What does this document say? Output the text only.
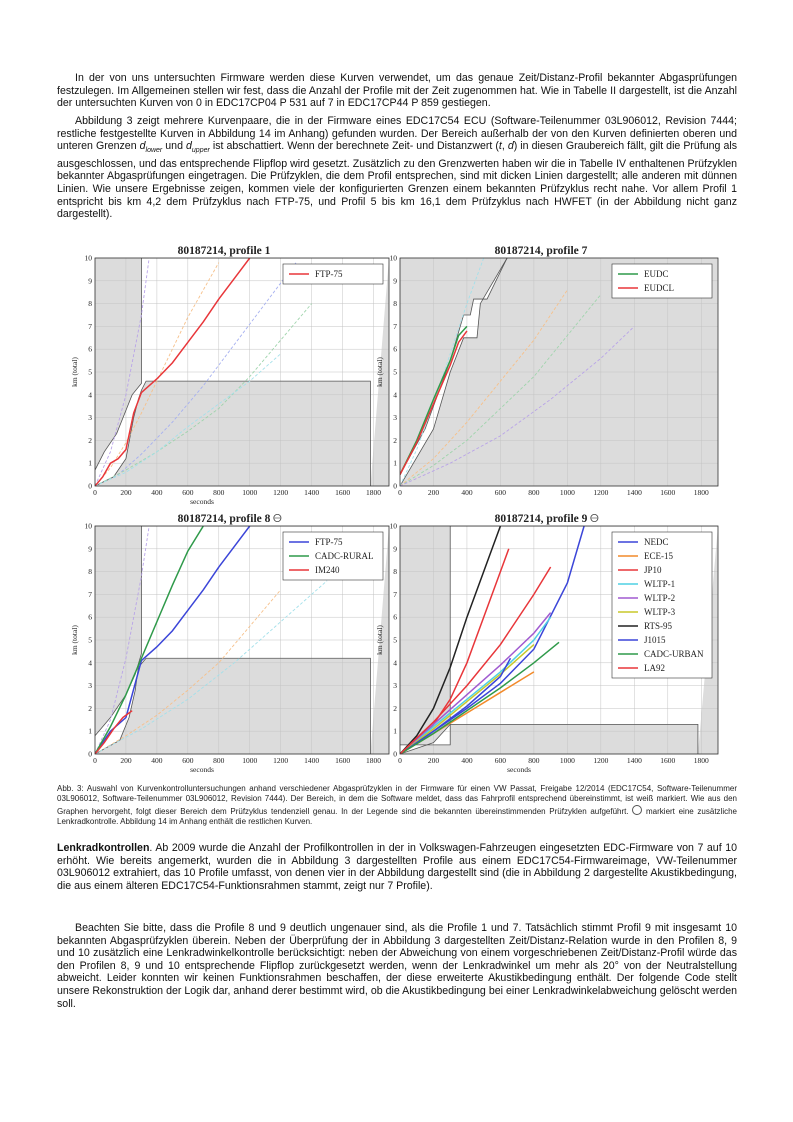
In der von uns untersuchten Firmware werden diese Kurven verwendet, um das genaue Zeit/Distanz-Profil bekannter Abgasprüfungen festzulegen. Im Allgemeinen stellen wir fest, dass die Anzahl der Profile mit der Zeit zugenommen hat. Wie in Tabelle II dargestellt, ist die Anzahl der untersuchten Kurven von 0 in EDC17CP04 P 531 auf 7 in EDC17CP44 P 859 gestiegen.

Abbildung 3 zeigt mehrere Kurvenpaare, die in der Firmware eines EDC17C54 ECU (Software-Teilenummer 03L906012, Revision 7444; restliche festgestellte Kurven in Abbildung 14 im Anhang) gefunden wurden. Der Bereich außerhalb der von den Kurven definierten oberen und unteren Grenzen $d_{lower}$ und $d_{upper}$ ist abschattiert. Wenn der berechnete Zeit- und Distanzwert (t, d) in diesen Graubereich fällt, gilt die Prüfung als ausgeschlossen, und das entsprechende Flipflop wird gesetzt. Zusätzlich zu den Grenzwerten haben wir die in Tabelle IV enthaltenen Prüfzyklen bekannter Abgasprüfungen eingetragen. Die Prüfzyklen, die dem Profil entsprechen, sind mit dicken Linien dargestellt; alle anderen mit dünnen Linien. Wie unsere Ergebnisse zeigen, kommen viele der konfigurierten Grenzen einem bekannten Prüfzyklus recht nahe. Vor allem Profil 1 entspricht bis km 4,2 dem Prüfzyklus nach FTP-75, und Profil 5 bis km 16,1 dem Prüfzyklus nach HWFET (in der Abbildung nicht ganz dargestellt).

0	200	400	600	800 1000 1200 1400 1600 1800
0
1
2
3
4
5
6
7
8
9
10
seconds
km (total)
80187214, profile 1
FTP-75
0	200	400	600	800	1000 1200 1400 1600 1800
0
1
2
3
4
5
6
7
8
9
10
km (total)
80187214, profile 7
EUDC
EUDCL
0	200	400	600	800 1000 1200 1400 1600 1800
0
1
2
3
4
5
6
7
8
9
10
seconds
km (total)
80187214, profile 8
FTP-75
CADC-RURAL
IM240
0	200	400	600	800	1000 1200 1400 1600 1800
0
1
2
3
4
5
6
7
8
9
10
seconds
km (total)
80187214, profile 9
NEDC
ECE-15
JP10
WLTP-1
WLTP-2
WLTP-3
RTS-95
J1015
CADC-URBAN
LA92

Abb. 3: Auswahl von Kurvenkontrolluntersuchungen anhand verschiedener Abgasprüfzyklen in der Firmware für einen VW Passat, Freigabe 12/2014 (EDC17C54, Software-Teilenummer 03L906012, Software-Teilenummer 03L906012, Revision 7444). Der Bereich, in dem die Software meldet, dass das Fahrprofil entsprechend übereinstimmt, ist weiß markiert. Wie aus den Graphen hervorgeht, folgt dieser Bereich dem Prüfzyklus tendenziell genau. In der Legende sind die bekannten übereinstimmenden Prüfzyklen aufgeführt.  markiert eine zusätzliche Lenkradkontrolle. Abbildung 14 im Anhang enthält die restlichen Kurven.

Lenkradkontrollen. Ab 2009 wurde die Anzahl der Profilkontrollen in der in Volkswagen-Fahrzeugen eingesetzten EDC-Firmware von 7 auf 10 erhöht. Wie bereits angemerkt, wurden die in Abbildung 3 dargestellten Profile aus einem EDC17C54-Firmwareimage, VW-Teilenummer 03L906012 extrahiert, das 10 Profile umfasst, von denen vier in der Abbildung dargestellt sind (die in Abbildung 2 dargestellte Akustikbedingung, die aus einem älteren EDC17C54-Funktionsrahmen stammt, zeigt nur 7 Profile).

Beachten Sie bitte, dass die Profile 8 und 9 deutlich ungenauer sind, als die Profile 1 und 7. Tatsächlich stimmt Profil 9 mit insgesamt 10 bekannten Abgasprüfzyklen überein. Neben der Überprüfung der in Abbildung 3 dargestellten Zeit/Distanz-Relation wurde in den Profilen 8, 9 und 10 zusätzlich eine Lenkradwinkelkontrolle berücksichtigt: neben der Abweichung von einem vorgeschriebenen Zeit/Distanz-Profil würde das den Profilen 8, 9 und 10 entsprechende Flipflop zurückgesetzt werden, wenn der Lenkradwinkel um mehr als 20° von der Neutralstellung abweicht. Leider konnten wir keinen Funktionsrahmen beschaffen, der diese erweiterte Akustikbedingung enthält. Der folgende Code stellt unsere Rekonstruktion der Logik dar, anhand derer bestimmt wird, ob die Akustikbedingung bei einer Lenkradwinkelabweichung gelöscht werden soll.
